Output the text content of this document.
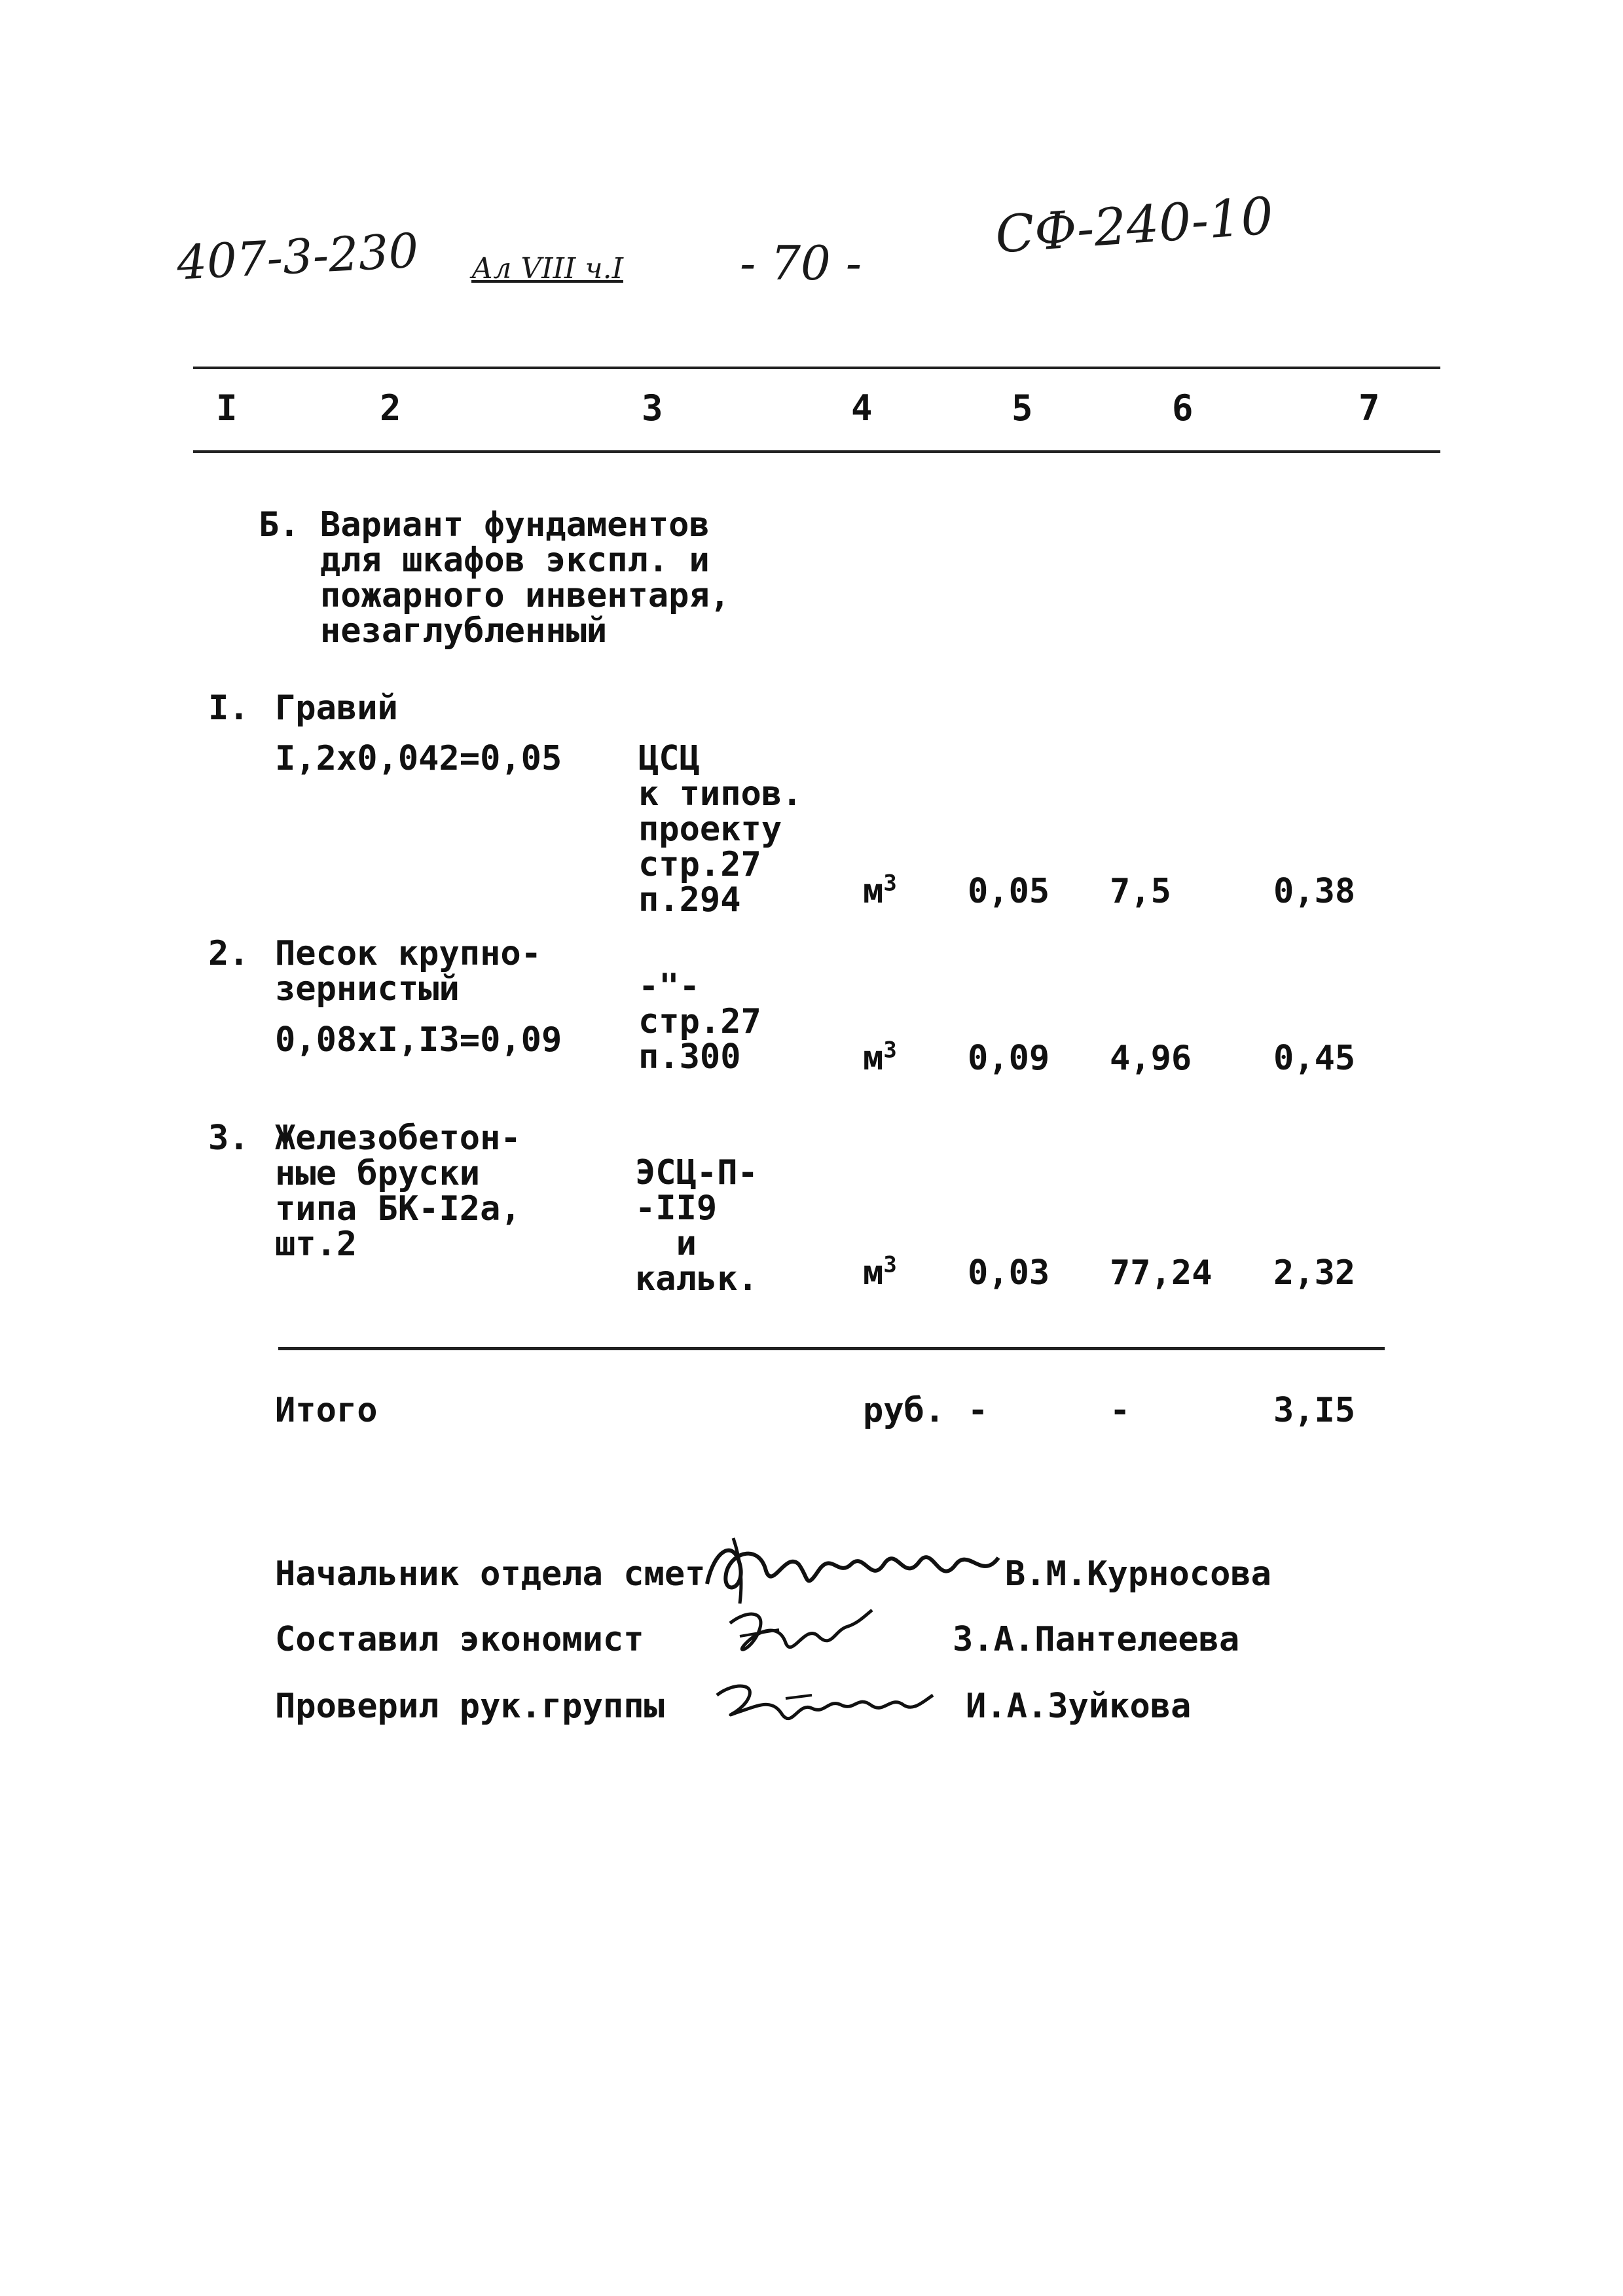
407-3-230 Ал VIII ч.I - 70 -	СФ-240-10
I	2	3	4	5	6	7
Б. Вариант фундаментов
для шкафов экспл. и
пожарного инвентаря,
незаглубленный
I. Гравий
I,2x0,042=0,05 ЦСЦ
к типов.
проекту
стр.27
п.294	$м^3$ 0,05 7,5	0,38
2. Песок крупно-
зернистый
0,08xI,I3=0,09
-"-
стр.27
п.300	$м^3$ 0,09 4,96 0,45
3. Железобетон-
ные бруски
типа БК-I2а,
шт.2
ЭСЦ-П-
-II9
и
кальк.	$м^3$ 0,03 77,24 2,32
Итого	руб. -	-	3,I5
Начальник отдела смет	В.М.Курносова
Составил экономист	З.А.Пантелеева
Проверил рук.группы	И.А.Зуйкова
